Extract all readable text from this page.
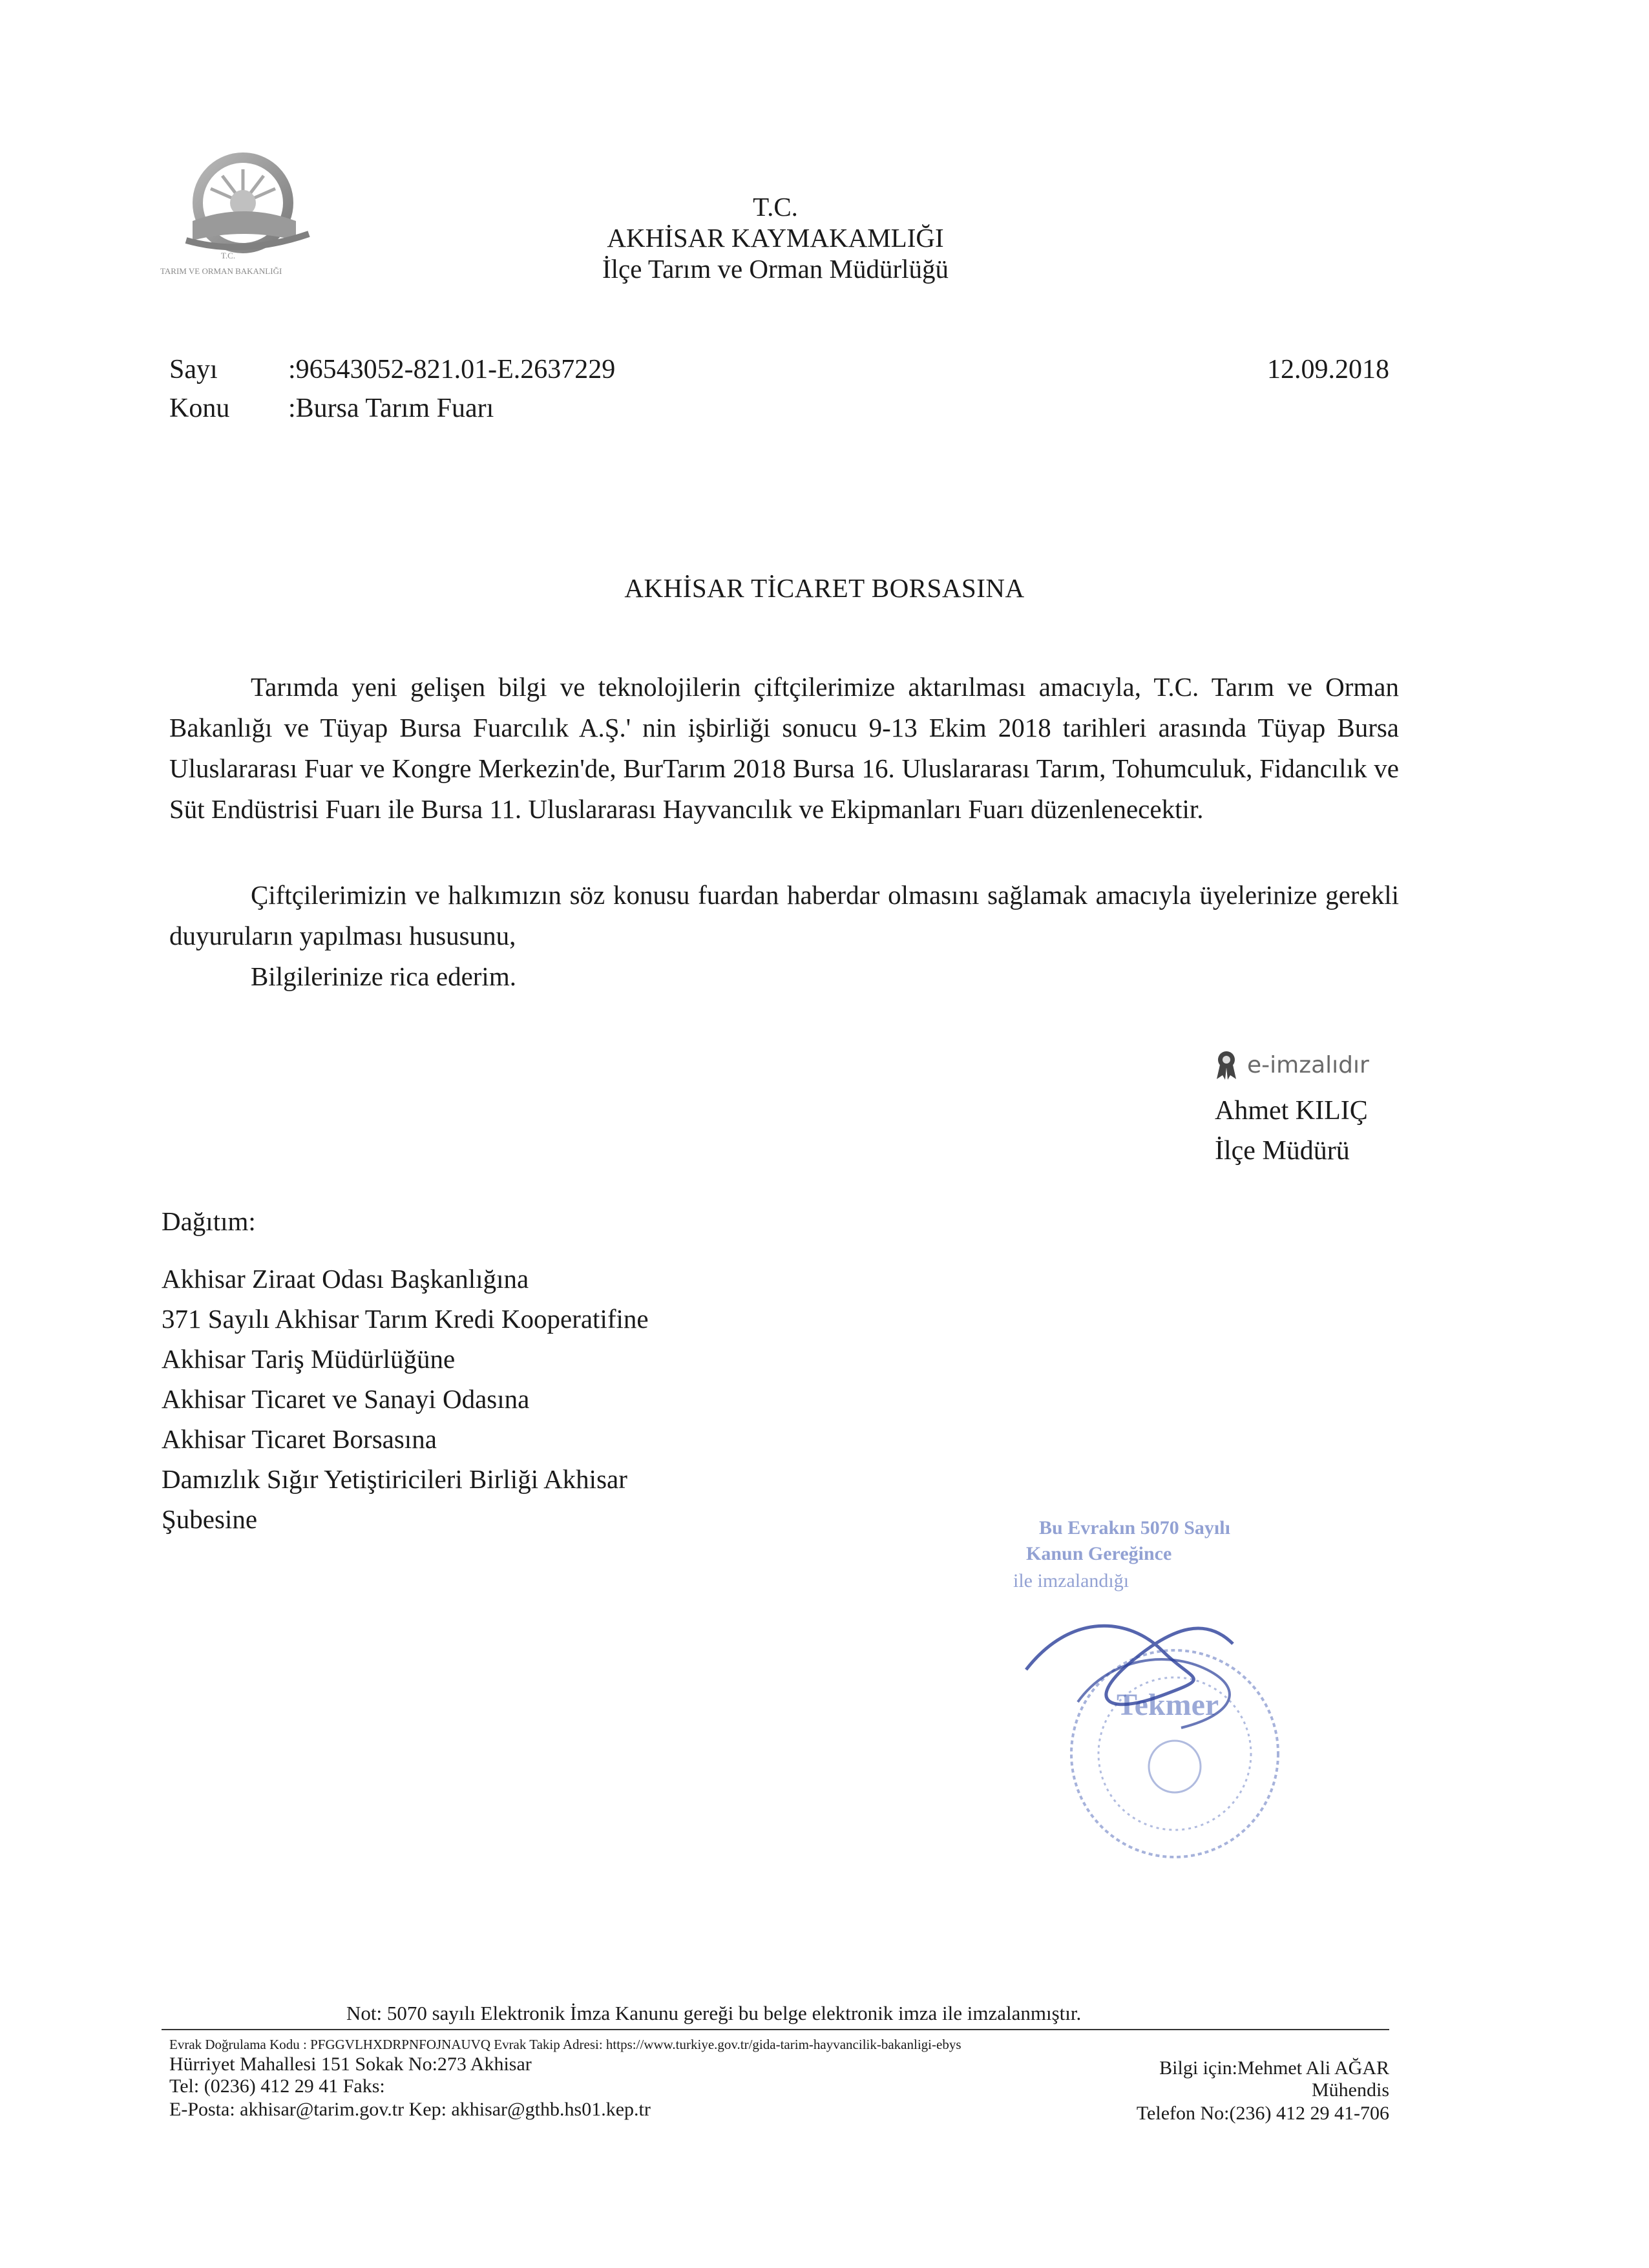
T.C.
TARIM VE ORMAN BAKANLIĞI
T.C.
AKHİSAR KAYMAKAMLIĞI
İlçe Tarım ve Orman Müdürlüğü
Sayı	:96543052-821.01-E.2637229
Konu :Bursa Tarım Fuarı
12.09.2018
AKHİSAR TİCARET BORSASINA

Tarımda yeni gelişen bilgi ve teknolojilerin çiftçilerimize aktarılması amacıyla, T.C. Tarım ve Orman Bakanlığı ve Tüyap Bursa Fuarcılık A.Ş.' nin işbirliği sonucu 9-13 Ekim 2018 tarihleri arasında Tüyap Bursa Uluslararası Fuar ve Kongre Merkezin'de, BurTarım 2018 Bursa 16. Uluslararası Tarım, Tohumculuk, Fidancılık ve Süt Endüstrisi Fuarı ile Bursa 11. Uluslararası Hayvancılık ve Ekipmanları Fuarı düzenlenecektir.

Çiftçilerimizin ve halkımızın söz konusu fuardan haberdar olmasını sağlamak amacıyla üyelerinize gerekli duyuruların yapılması hususunu,

Bilgilerinize rica ederim.

e-imzalıdır
Ahmet KILIÇ
İlçe Müdürü
Dağıtım:
Akhisar Ziraat Odası Başkanlığına
371 Sayılı Akhisar Tarım Kredi Kooperatifine
Akhisar Tariş Müdürlüğüne
Akhisar Ticaret ve Sanayi Odasına
Akhisar Ticaret Borsasına
Damızlık Sığır Yetiştiricileri Birliği Akhisar
Şubesine	Bu Evrakın 5070 Sayılı
Kanun Gereğince
ile imzalandığı
Tekmer
Not: 5070 sayılı Elektronik İmza Kanunu gereği bu belge elektronik imza ile imzalanmıştır.
Evrak Doğrulama Kodu : PFGGVLHXDRPNFOJNAUVQ Evrak Takip Adresi: https://www.turkiye.gov.tr/gida-tarim-hayvancilik-bakanligi-ebys
Hürriyet Mahallesi 151 Sokak No:273 Akhisar
Tel: (0236) 412 29 41 Faks:
E-Posta: akhisar@tarim.gov.tr Kep: akhisar@gthb.hs01.kep.tr
Bilgi için:Mehmet Ali AĞAR
Mühendis
Telefon No:(236) 412 29 41-706
